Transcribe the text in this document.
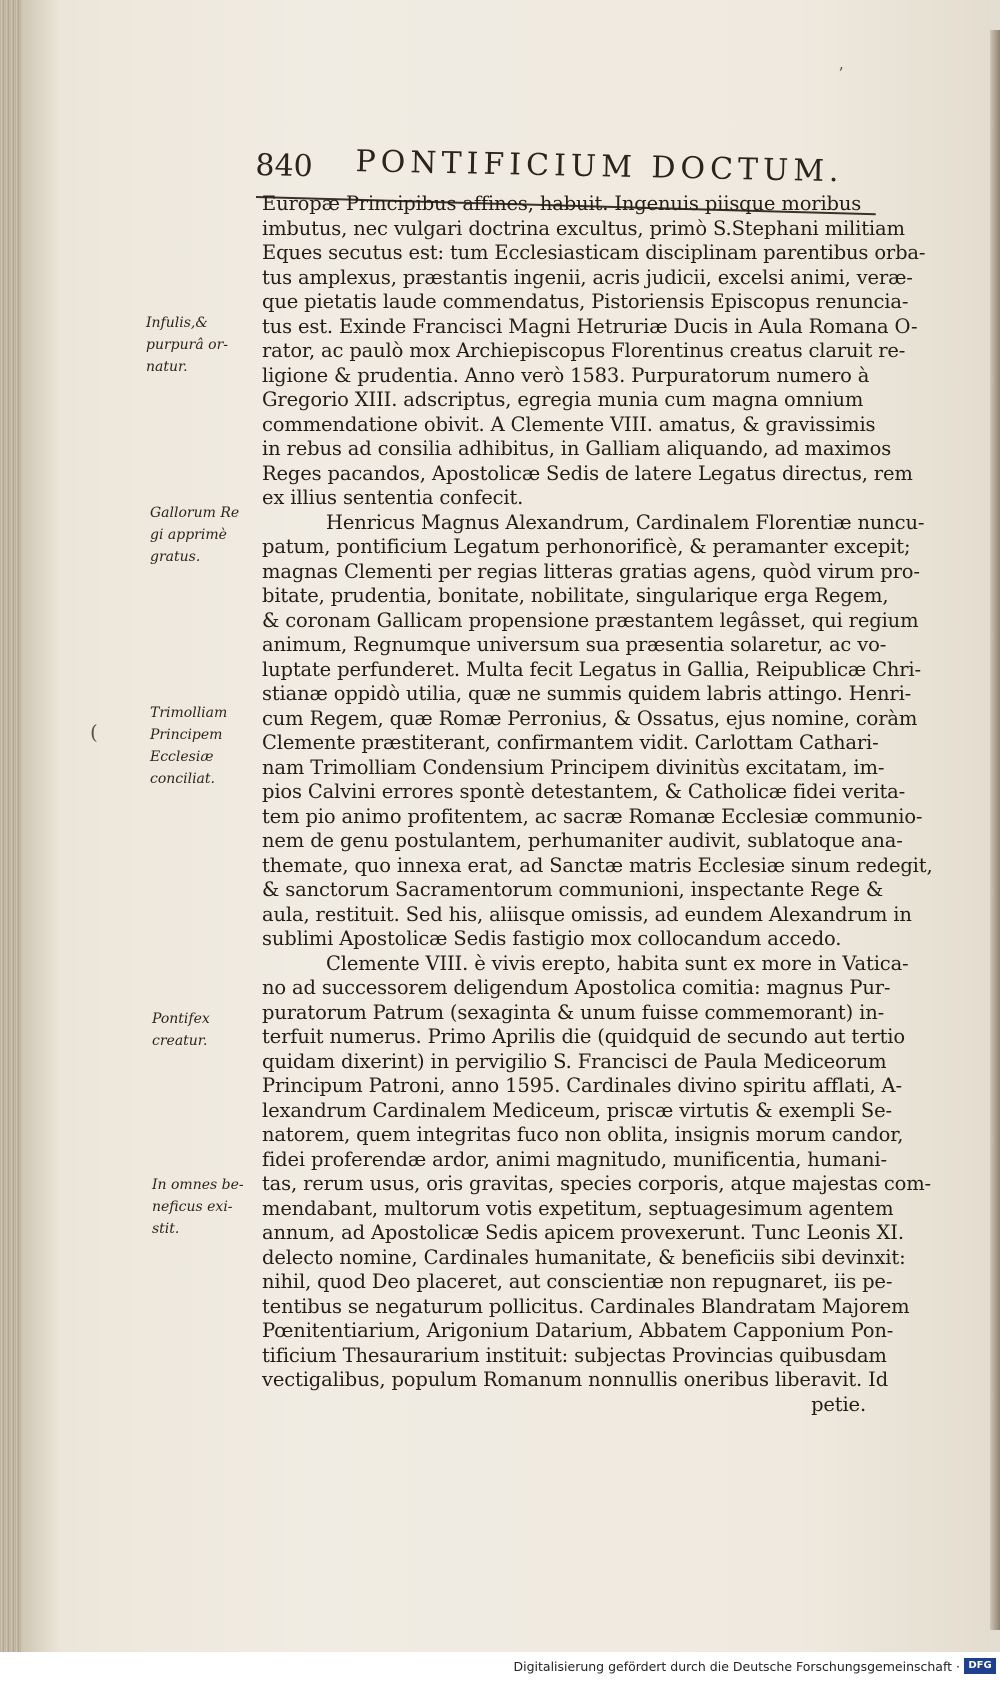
840 PONTIFICIUM DOCTUM.
ʼ
Infulis,&
purpurâ or-
natur.
Gallorum Re
gi apprimè
gratus.
Trimolliam
Principem
Ecclesiæ
conciliat.
Pontifex
creatur.
In omnes be-
neficus exi-
stit.
(

Europæ Principibus affines, habuit. Ingenuis piisque moribus
imbutus, nec vulgari doctrina excultus, primò S.Stephani militiam
Eques secutus est: tum Ecclesiasticam disciplinam parentibus orba-
tus amplexus, præstantis ingenii, acris judicii, excelsi animi, veræ-
que pietatis laude commendatus, Pistoriensis Episcopus renuncia-
tus est. Exinde Francisci Magni Hetruriæ Ducis in Aula Romana O-
rator, ac paulò mox Archiepiscopus Florentinus creatus claruit re-
ligione & prudentia. Anno verò 1583. Purpuratorum numero à
Gregorio XIII. adscriptus, egregia munia cum magna omnium
commendatione obivit. A Clemente VIII. amatus, & gravissimis
in rebus ad consilia adhibitus, in Galliam aliquando, ad maximos
Reges pacandos, Apostolicæ Sedis de latere Legatus directus, rem
ex illius sententia confecit.

Henricus Magnus Alexandrum, Cardinalem Florentiæ nuncu-
patum, pontificium Legatum perhonorificè, & peramanter excepit;
magnas Clementi per regias litteras gratias agens, quòd virum pro-
bitate, prudentia, bonitate, nobilitate, singularique erga Regem,
& coronam Gallicam propensione præstantem legâsset, qui regium
animum, Regnumque universum sua præsentia solaretur, ac vo-
luptate perfunderet. Multa fecit Legatus in Gallia, Reipublicæ Chri-
stianæ oppidò utilia, quæ ne summis quidem labris attingo. Henri-
cum Regem, quæ Romæ Perronius, & Ossatus, ejus nomine, coràm
Clemente præstiterant, confirmantem vidit. Carlottam Cathari-
nam Trimolliam Condensium Principem divinitùs excitatam, im-
pios Calvini errores spontè detestantem, & Catholicæ fidei verita-
tem pio animo profitentem, ac sacræ Romanæ Ecclesiæ communio-
nem de genu postulantem, perhumaniter audivit, sublatoque ana-
themate, quo innexa erat, ad Sanctæ matris Ecclesiæ sinum redegit,
& sanctorum Sacramentorum communioni, inspectante Rege &
aula, restituit. Sed his, aliisque omissis, ad eundem Alexandrum in
sublimi Apostolicæ Sedis fastigio mox collocandum accedo.

Clemente VIII. è vivis erepto, habita sunt ex more in Vatica-
no ad successorem deligendum Apostolica comitia: magnus Pur-
puratorum Patrum (sexaginta & unum fuisse commemorant) in-
terfuit numerus. Primo Aprilis die (quidquid de secundo aut tertio
quidam dixerint) in pervigilio S. Francisci de Paula Mediceorum
Principum Patroni, anno 1595. Cardinales divino spiritu afflati, A-
lexandrum Cardinalem Mediceum, priscæ virtutis & exempli Se-
natorem, quem integritas fuco non oblita, insignis morum candor,
fidei proferendæ ardor, animi magnitudo, munificentia, humani-
tas, rerum usus, oris gravitas, species corporis, atque majestas com-
mendabant, multorum votis expetitum, septuagesimum agentem
annum, ad Apostolicæ Sedis apicem provexerunt. Tunc Leonis XI.
delecto nomine, Cardinales humanitate, & beneficiis sibi devinxit:
nihil, quod Deo placeret, aut conscientiæ non repugnaret, iis pe-
tentibus se negaturum pollicitus. Cardinales Blandratam Majorem
Pœnitentiarium, Arigonium Datarium, Abbatem Capponium Pon-
tificium Thesaurarium instituit: subjectas Provincias quibusdam
vectigalibus, populum Romanum nonnullis oneribus liberavit. Id

petie.
Digitalisierung gefördert durch die Deutsche Forschungsgemeinschaft · DFG
